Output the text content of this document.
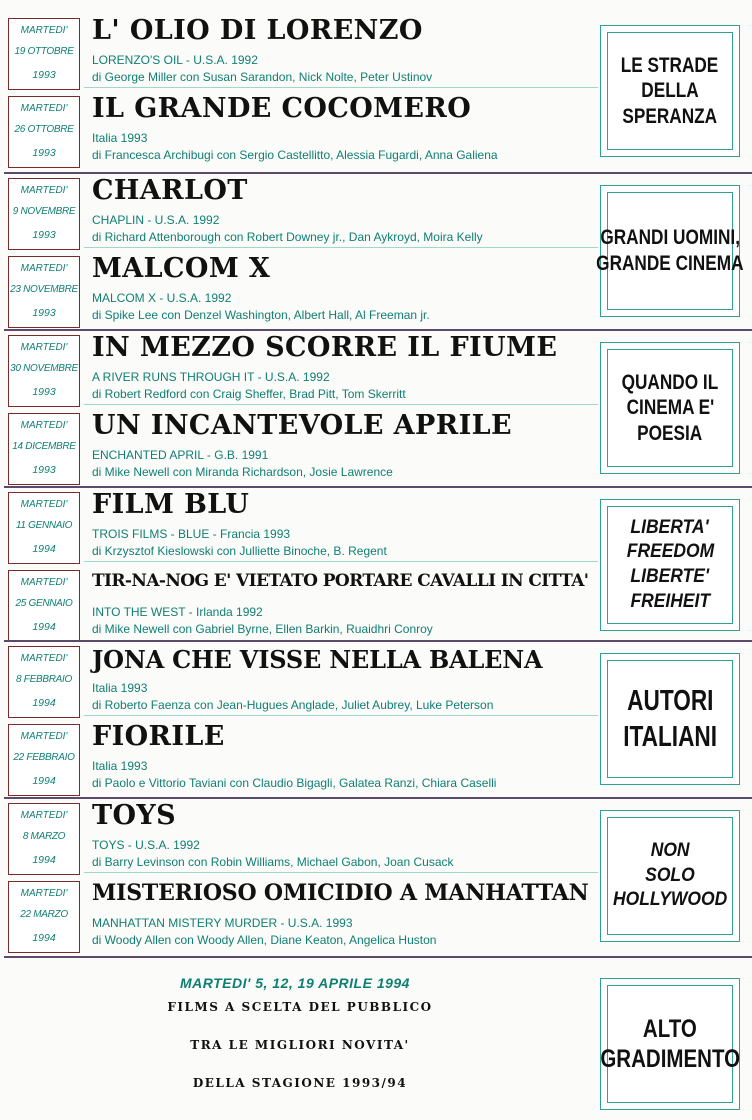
MARTEDI'
19 OTTOBRE
1993
L' OLIO DI LORENZO
LORENZO'S OIL - U.S.A. 1992
di George Miller con Susan Sarandon, Nick Nolte, Peter Ustinov
MARTEDI'
26 OTTOBRE
1993
IL GRANDE COCOMERO
Italia 1993
di Francesca Archibugi con Sergio Castellitto, Alessia Fugardi, Anna Galiena
LE STRADE
DELLA
SPERANZA
MARTEDI'
9 NOVEMBRE
1993
CHARLOT
CHAPLIN - U.S.A. 1992
di Richard Attenborough con Robert Downey jr., Dan Aykroyd, Moira Kelly
MARTEDI'
23 NOVEMBRE
1993
MALCOM X
MALCOM X - U.S.A. 1992
di Spike Lee con Denzel Washington, Albert Hall, Al Freeman jr.
GRANDI UOMINI,
GRANDE CINEMA
MARTEDI'
30 NOVEMBRE
1993
IN MEZZO SCORRE IL FIUME
A RIVER RUNS THROUGH IT - U.S.A. 1992
di Robert Redford con Craig Sheffer, Brad Pitt, Tom Skerritt
MARTEDI'
14 DICEMBRE
1993
UN INCANTEVOLE APRILE
ENCHANTED APRIL - G.B. 1991
di Mike Newell con Miranda Richardson, Josie Lawrence
QUANDO IL
CINEMA E'
POESIA
MARTEDI'
11 GENNAIO
1994
FILM BLU
TROIS FILMS - BLUE - Francia 1993
di Krzysztof Kieslowski con Julliette Binoche, B. Regent
MARTEDI'
25 GENNAIO
1994
TIR-NA-NOG E' VIETATO PORTARE CAVALLI IN CITTA'
INTO THE WEST - Irlanda 1992
di Mike Newell con Gabriel Byrne, Ellen Barkin, Ruaidhri Conroy
LIBERTA'
FREEDOM
LIBERTE'
FREIHEIT
MARTEDI'
8 FEBBRAIO
1994
JONA CHE VISSE NELLA BALENA
Italia 1993
di Roberto Faenza con Jean-Hugues Anglade, Juliet Aubrey, Luke Peterson
MARTEDI'
22 FEBBRAIO
1994
FIORILE
Italia 1993
di Paolo e Vittorio Taviani con Claudio Bigagli, Galatea Ranzi, Chiara Caselli
AUTORI
ITALIANI
MARTEDI'
8 MARZO
1994
TOYS
TOYS - U.S.A. 1992
di Barry Levinson con Robin Williams, Michael Gabon, Joan Cusack
MARTEDI'
22 MARZO
1994
MISTERIOSO OMICIDIO A MANHATTAN
MANHATTAN MISTERY MURDER - U.S.A. 1993
di Woody Allen con Woody Allen, Diane Keaton, Angelica Huston
NON
SOLO
HOLLYWOOD
MARTEDI' 5, 12, 19 APRILE 1994
FILMS A SCELTA DEL PUBBLICO
TRA LE MIGLIORI NOVITA'
DELLA STAGIONE 1993/94
ALTO
GRADIMENTO
